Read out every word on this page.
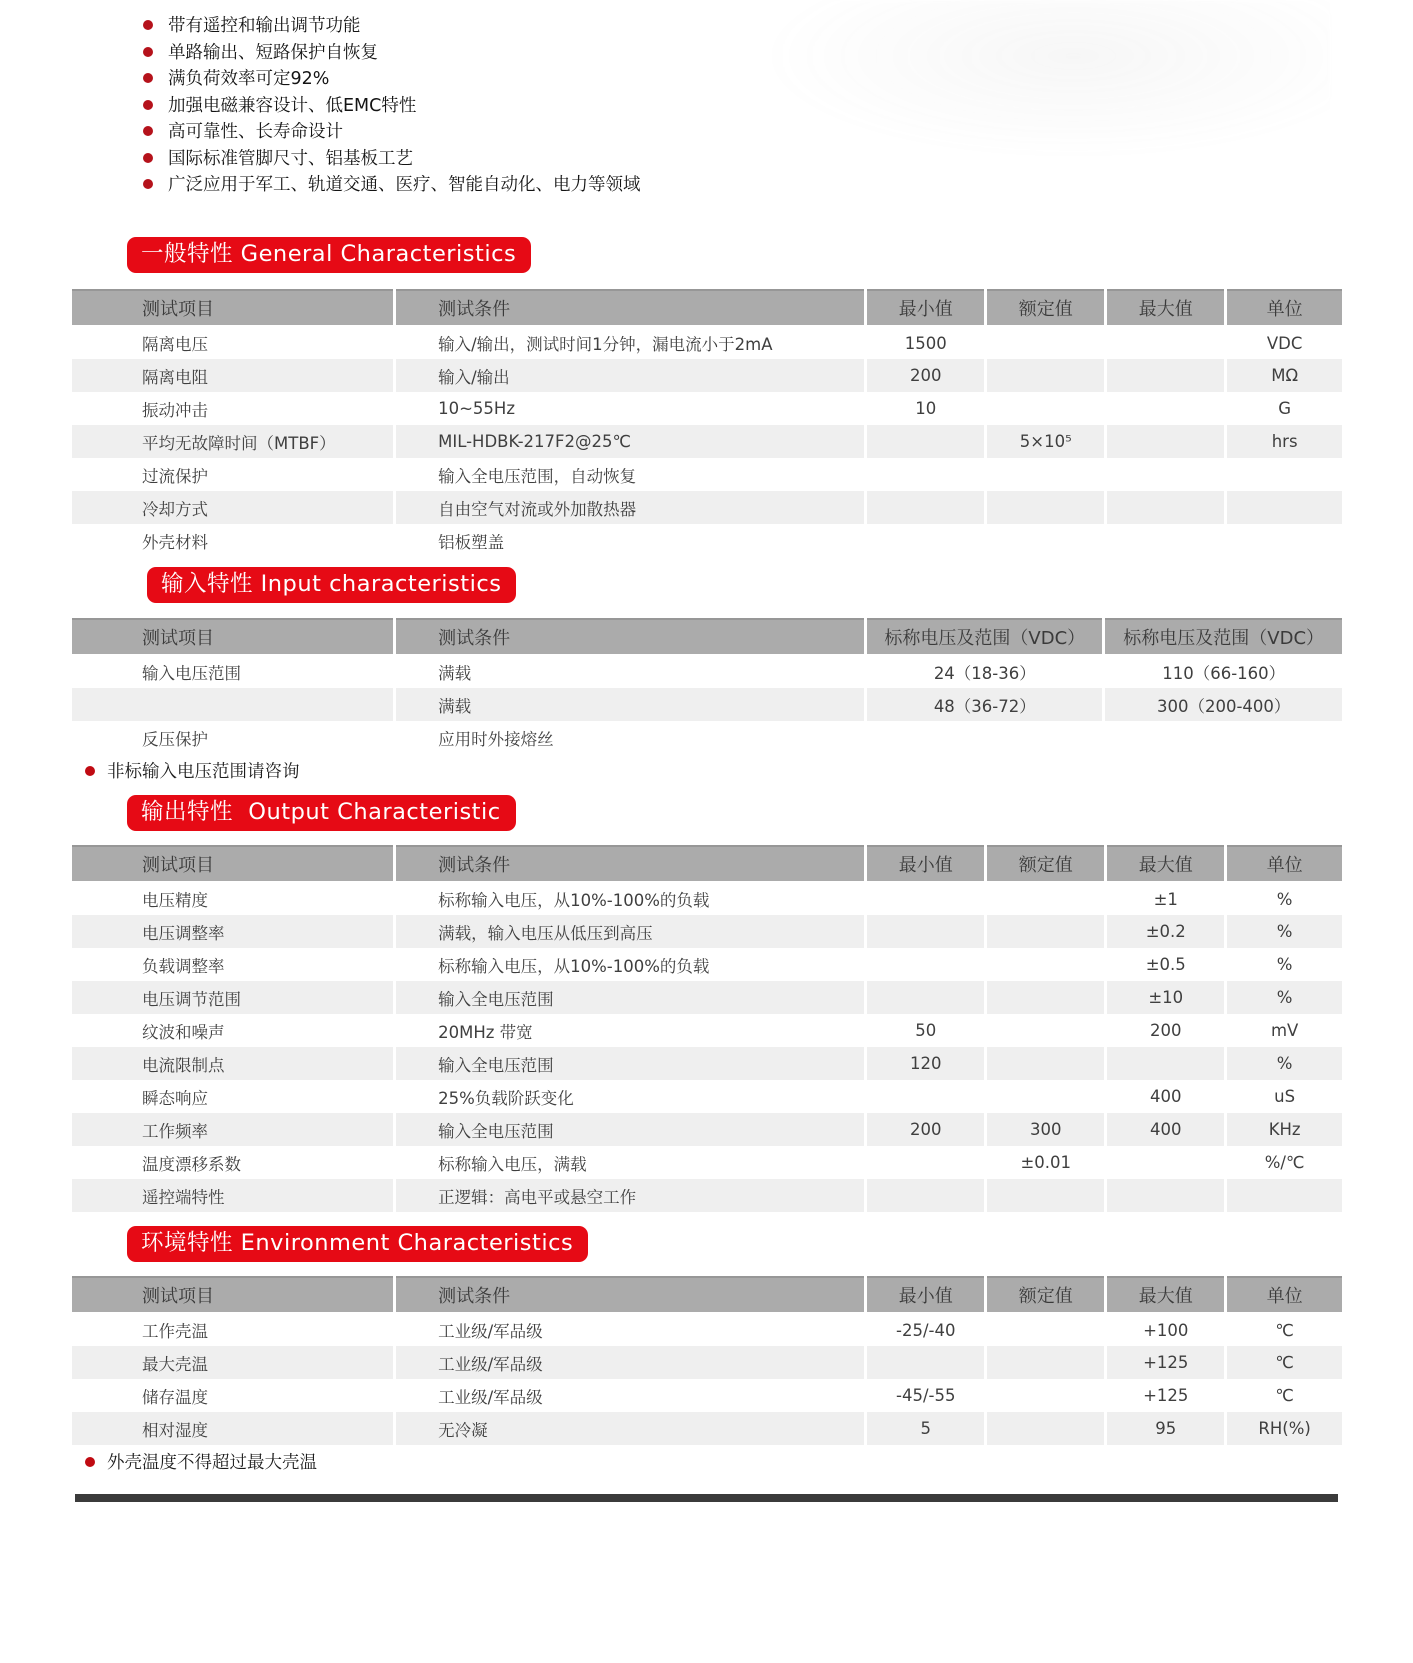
带有遥控和输出调节功能
单路输出、短路保护自恢复
满负荷效率可定92%
加强电磁兼容设计、低EMC特性
高可靠性、长寿命设计
国际标准管脚尺寸、铝基板工艺
广泛应用于军工、轨道交通、医疗、智能自动化、电力等领域
一般特性 General Characteristics
测试项目	测试条件	最小值	额定值	最大值	单位
隔离电压	输入/输出，测试时间1分钟，漏电流小于2mA	1500			VDC
隔离电阻	输入/输出	200			MΩ
振动冲击	10~55Hz	10			G
平均无故障时间（MTBF）	MIL-HDBK-217F2@25℃		5×10⁵		hrs
过流保护	输入全电压范围，自动恢复				
冷却方式	自由空气对流或外加散热器				
外壳材料	铝板塑盖				
输入特性 Input characteristics
测试项目	测试条件	标称电压及范围（VDC）	标称电压及范围（VDC）
输入电压范围	满载	24（18-36）	110（66-160）
	满载	48（36-72）	300（200-400）
反压保护	应用时外接熔丝		
非标输入电压范围请咨询
输出特性  Output Characteristic
测试项目	测试条件	最小值	额定值	最大值	单位
电压精度	标称输入电压，从10%-100%的负载			±1	%
电压调整率	满载，输入电压从低压到高压			±0.2	%
负载调整率	标称输入电压，从10%-100%的负载			±0.5	%
电压调节范围	输入全电压范围			±10	%
纹波和噪声	20MHz 带宽	50		200	mV
电流限制点	输入全电压范围	120			%
瞬态响应	25%负载阶跃变化			400	uS
工作频率	输入全电压范围	200	300	400	KHz
温度漂移系数	标称输入电压，满载		±0.01		%/℃
遥控端特性	正逻辑：高电平或悬空工作				
环境特性 Environment Characteristics
测试项目	测试条件	最小值	额定值	最大值	单位
工作壳温	工业级/军品级	-25/-40		+100	℃
最大壳温	工业级/军品级			+125	℃
储存温度	工业级/军品级	-45/-55		+125	℃
相对湿度	无冷凝	5		95	RH(%)
外壳温度不得超过最大壳温
